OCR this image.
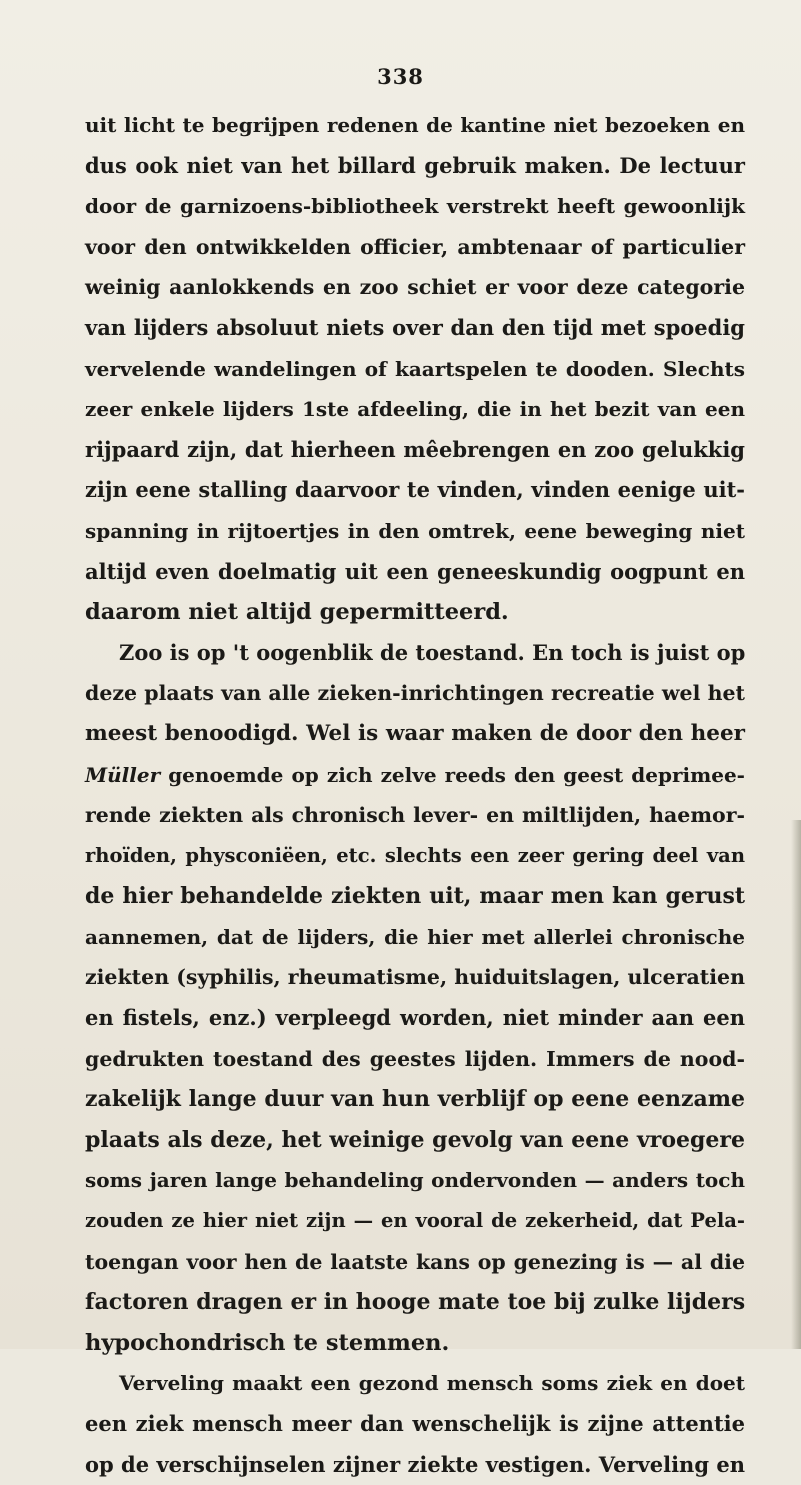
338
uit licht te begrijpen redenen de kantine niet bezoeken en
dus ook niet van het billard gebruik maken. De lectuur
door de garnizoens-bibliotheek verstrekt heeft gewoonlijk
voor den ontwikkelden officier, ambtenaar of particulier
weinig aanlokkends en zoo schiet er voor deze categorie
van lijders absoluut niets over dan den tijd met spoedig
vervelende wandelingen of kaartspelen te dooden. Slechts
zeer enkele lijders 1ste afdeeling, die in het bezit van een
rijpaard zijn, dat hierheen mêebrengen en zoo gelukkig
zijn eene stalling daarvoor te vinden, vinden eenige uit-
spanning in rijtoertjes in den omtrek, eene beweging niet
altijd even doelmatig uit een geneeskundig oogpunt en
daarom niet altijd gepermitteerd.
Zoo is op 't oogenblik de toestand. En toch is juist op
deze plaats van alle zieken-inrichtingen recreatie wel het
meest benoodigd. Wel is waar maken de door den heer
Müller genoemde op zich zelve reeds den geest deprimee-
rende ziekten als chronisch lever- en miltlijden, haemor-
rhoïden, physconiëen, etc. slechts een zeer gering deel van
de hier behandelde ziekten uit, maar men kan gerust
aannemen, dat de lijders, die hier met allerlei chronische
ziekten (syphilis, rheumatisme, huiduitslagen, ulceratien
en fistels, enz.) verpleegd worden, niet minder aan een
gedrukten toestand des geestes lijden. Immers de nood-
zakelijk lange duur van hun verblijf op eene eenzame
plaats als deze, het weinige gevolg van eene vroegere
soms jaren lange behandeling ondervonden — anders toch
zouden ze hier niet zijn — en vooral de zekerheid, dat Pela-
toengan voor hen de laatste kans op genezing is — al die
factoren dragen er in hooge mate toe bij zulke lijders
hypochondrisch te stemmen.
Verveling maakt een gezond mensch soms ziek en doet
een ziek mensch meer dan wenschelijk is zijne attentie
op de verschijnselen zijner ziekte vestigen. Verveling en
